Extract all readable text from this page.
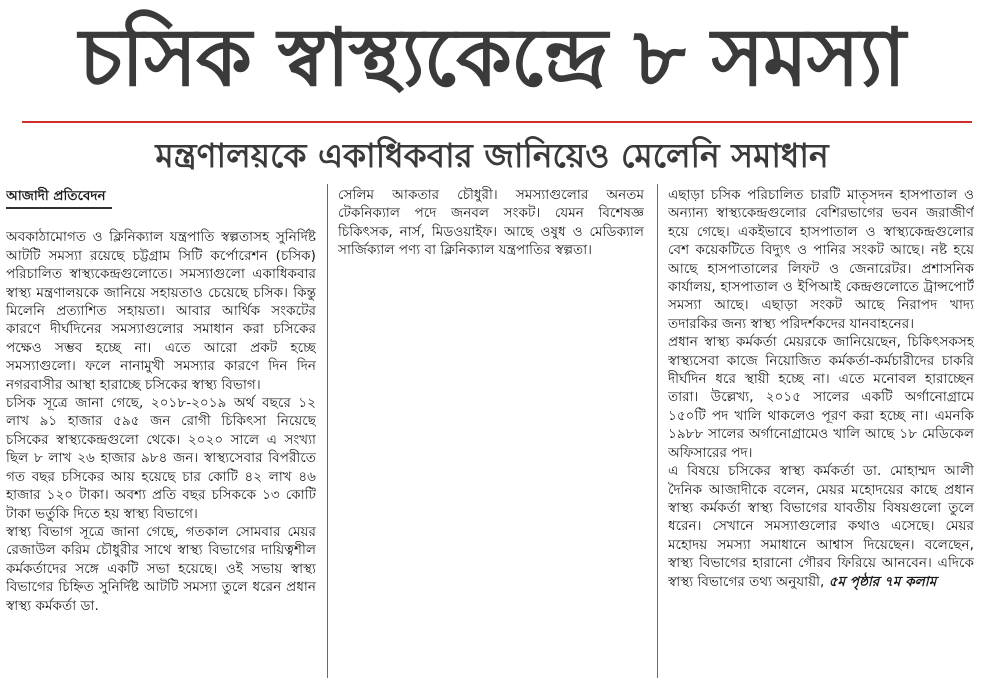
চসিক স্বাস্থ্যকেন্দ্রে ৮ সমস্যা
মন্ত্রণালয়কে একাধিকবার জানিয়েও মেলেনি সমাধান
আজাদী প্রতিবেদন

অবকাঠামোগত ও ক্লিনিক্যাল যন্ত্রপাতি স্বল্পতাসহ সুনির্দিষ্ট আটটি সমস্যা রয়েছে চট্টগ্রাম সিটি কর্পোরেশন (চসিক) পরিচালিত স্বাস্থ্যকেন্দ্রগুলোতে। সমস্যাগুলো একাধিকবার স্বাস্থ্য মন্ত্রণালয়কে জানিয়ে সহায়তাও চেয়েছে চসিক। কিন্তু মিলেনি প্রত্যাশিত সহায়তা। আবার আর্থিক সংকটের কারণে দীর্ঘদিনের সমস্যাগুলোর সমাধান করা চসিকের পক্ষেও সম্ভব হচ্ছে না। এতে আরো প্রকট হচ্ছে সমস্যাগুলো। ফলে নানামুখী সমস্যার কারণে দিন দিন নগরবাসীর আস্থা হারাচ্ছে চসিকের স্বাস্থ্য বিভাগ।

চসিক সূত্রে জানা গেছে, ২০১৮-২০১৯ অর্থ বছরে ১২ লাখ ৯১ হাজার ৫৯৫ জন রোগী চিকিৎসা নিয়েছে চসিকের স্বাস্থ্যকেন্দ্রগুলো থেকে। ২০২০ সালে এ সংখ্যা ছিল ৮ লাখ ২৬ হাজার ৯৮৪ জন। স্বাস্থ্যসেবার বিপরীতে গত বছর চসিকের আয় হয়েছে চার কোটি ৪২ লাখ ৪৬ হাজার ১২০ টাকা। অবশ্য প্রতি বছর চসিককে ১৩ কোটি টাকা ভর্তুকি দিতে হয় স্বাস্থ্য বিভাগে।

স্বাস্থ্য বিভাগ সূত্রে জানা গেছে, গতকাল সোমবার মেয়র রেজাউল করিম চৌধুরীর সাথে স্বাস্থ্য বিভাগের দায়িত্বশীল কর্মকর্তাদের সঙ্গে একটি সভা হয়েছে। ওই সভায় স্বাস্থ্য বিভাগের চিহ্নিত সুনির্দিষ্ট আটটি সমস্যা তুলে ধরেন প্রধান স্বাস্থ্য কর্মকর্তা ডা.

সেলিম আকতার চৌধুরী। সমস্যাগুলোর অনতম টেকনিক্যাল পদে জনবল সংকট। যেমন বিশেষজ্ঞ চিকিৎসক, নার্স, মিডওয়াইফ। আছে ওষুধ ও মেডিক্যাল সার্জিক্যাল পণ্য বা ক্লিনিক্যাল যন্ত্রপাতির স্বল্পতা।

এছাড়া চসিক পরিচালিত চারটি মাতৃসদন হাসপাতাল ও অন্যান্য স্বাস্থ্যকেন্দ্রগুলোর বেশিরভাগের ভবন জরাজীর্ণ হয়ে গেছে। একইভাবে হাসপাতাল ও স্বাস্থ্যকেন্দ্রগুলোর বেশ কয়েকটিতে বিদ্যুৎ ও পানির সংকট আছে। নষ্ট হয়ে আছে হাসপাতালের লিফট ও জেনারেটর। প্রশাসনিক কার্যালয়, হাসপাতাল ও ইপিআই কেন্দ্রগুলোতে ট্রান্সপোর্ট সমস্যা আছে। এছাড়া সংকট আছে নিরাপদ খাদ্য তদারকির জন্য স্বাস্থ্য পরিদর্শকদের যানবাহনের।

প্রধান স্বাস্থ্য কর্মকর্তা মেয়রকে জানিয়েছেন, চিকিৎসকসহ স্বাস্থ্যসেবা কাজে নিয়োজিত কর্মকর্তা-কর্মচারীদের চাকরি দীর্ঘদিন ধরে স্থায়ী হচ্ছে না। এতে মনোবল হারাচ্ছেন তারা। উল্লেখ্য, ২০১৫ সালের একটি অর্গানোগ্রামে ১৫০টি পদ খালি থাকলেও পূরণ করা হচ্ছে না। এমনকি ১৯৮৮ সালের অর্গানোগ্রামেও খালি আছে ১৮ মেডিকেল অফিসারের পদ।

এ বিষয়ে চসিকের স্বাস্থ্য কর্মকর্তা ডা. মোহাম্মদ আলী দৈনিক আজাদীকে বলেন, মেয়র মহোদয়ের কাছে প্রধান স্বাস্থ্য কর্মকর্তা স্বাস্থ্য বিভাগের যাবতীয় বিষয়গুলো তুলে ধরেন। সেখানে সমস্যাগুলোর কথাও এসেছে। মেয়র মহোদয় সমস্যা সমাধানে আশ্বাস দিয়েছেন। বলেছেন, স্বাস্থ্য বিভাগের হারানো গৌরব ফিরিয়ে আনবেন। এদিকে স্বাস্থ্য বিভাগের তথ্য অনুযায়ী, ৫ম পৃষ্ঠার ৭ম কলাম
